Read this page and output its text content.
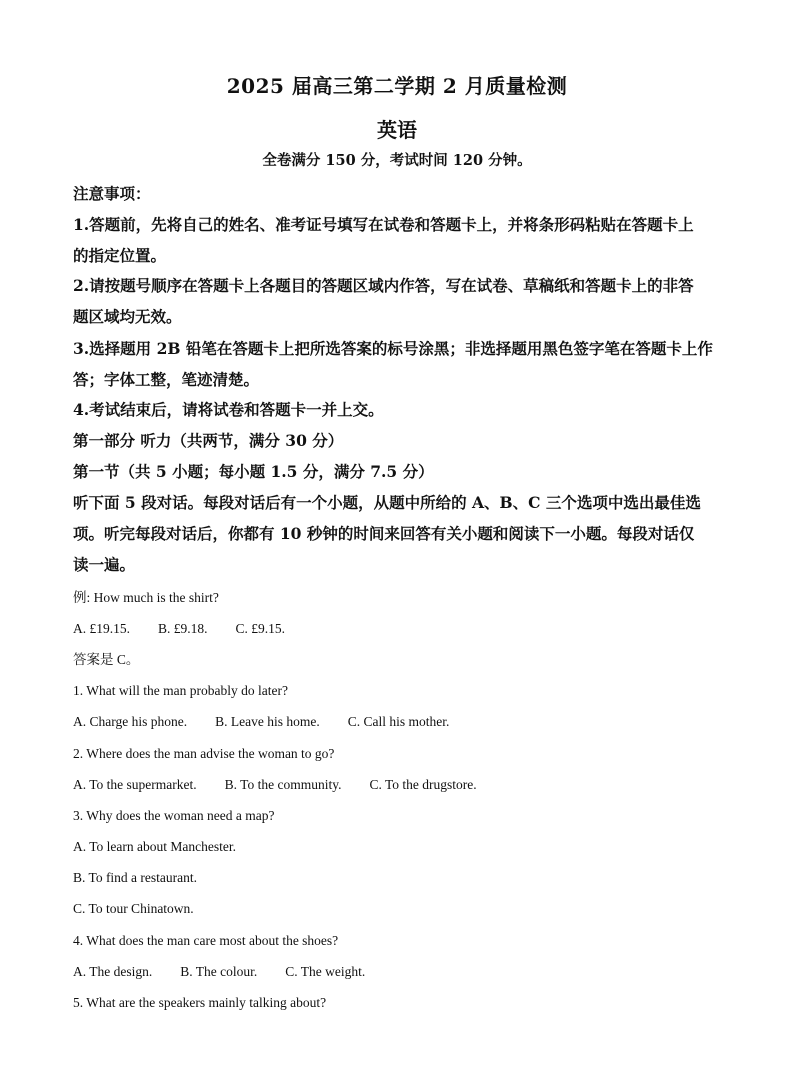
2025 届高三第二学期 2 月质量检测
英语
全卷满分 150 分，考试时间 120 分钟。
注意事项：
1.答题前，先将自己的姓名、准考证号填写在试卷和答题卡上，并将条形码粘贴在答题卡上
的指定位置。
2.请按题号顺序在答题卡上各题目的答题区域内作答，写在试卷、草稿纸和答题卡上的非答
题区域均无效。
3.选择题用 2B 铅笔在答题卡上把所选答案的标号涂黑；非选择题用黑色签字笔在答题卡上作
答；字体工整，笔迹清楚。
4.考试结束后，请将试卷和答题卡一并上交。
第一部分 听力（共两节，满分 30 分）
第一节（共 5 小题；每小题 1.5 分，满分 7.5 分）
听下面 5 段对话。每段对话后有一个小题，从题中所给的 A、B、C 三个选项中选出最佳选
项。听完每段对话后，你都有 10 秒钟的时间来回答有关小题和阅读下一小题。每段对话仅
读一遍。
例: How much is the shirt?
A. £19.15. B. £9.18. C. £9.15.
答案是 C。
1. What will the man probably do later?
A. Charge his phone. B. Leave his home. C. Call his mother.
2. Where does the man advise the woman to go?
A. To the supermarket. B. To the community. C. To the drugstore.
3. Why does the woman need a map?
A. To learn about Manchester.
B. To find a restaurant.
C. To tour Chinatown.
4. What does the man care most about the shoes?
A. The design. B. The colour. C. The weight.
5. What are the speakers mainly talking about?
